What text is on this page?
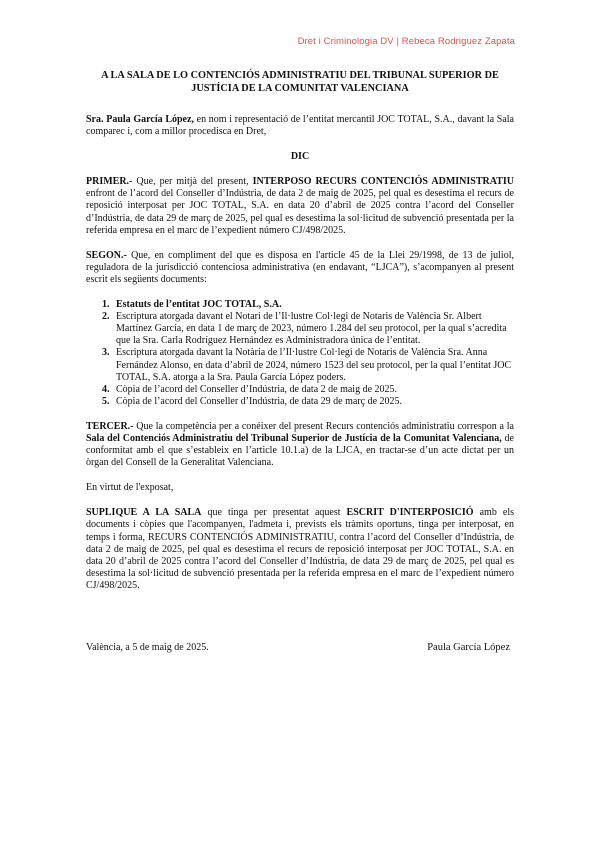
Dret i Criminologia DV | Rebeca Rodriguez Zapata
A LA SALA DE LO CONTENCIÓS ADMINISTRATIU DEL TRIBUNAL SUPERIOR DE JUSTÍCIA DE LA COMUNITAT VALENCIANA

Sra. Paula García López, en nom i representació de l’entitat mercantil JOC TOTAL, S.A., davant la Sala comparec i, com a millor procedisca en Dret,

DIC

PRIMER.- Que, per mitjà del present, INTERPOSO RECURS CONTENCIÓS ADMINISTRATIU enfront de l’acord del Conseller d’Indústria, de data 2 de maig de 2025, pel qual es desestima el recurs de reposició interposat per JOC TOTAL, S.A. en data 20 d’abril de 2025 contra l’acord del Conseller d’Indústria, de data 29 de març de 2025, pel qual es desestima la sol·licitud de subvenció presentada per la referida empresa en el marc de l’expedient número CJ/498/2025.

SEGON.- Que, en compliment del que es disposa en l'article 45 de la Llei 29/1998, de 13 de juliol, reguladora de la jurisdicció contenciosa administrativa (en endavant, “LJCA”), s’acompanyen al present escrit els següents documents:

1. Estatuts de l’entitat JOC TOTAL, S.A.
2. Escriptura atorgada davant el Notari de l’Il·lustre Col·legi de Notaris de València Sr. Albert Martínez García, en data 1 de març de 2023, número 1.284 del seu protocol, per la qual s’acredita que la Sra. Carla Rodríguez Hernández es Administradora única de l’entitat.
3. Escriptura atorgada davant la Notària de l’Il·lustre Col·legi de Notaris de València Sra. Anna Fernández Alonso, en data d’abril de 2024, número 1523 del seu protocol, per la qual l’entitat JOC TOTAL, S.A. atorga a la Sra. Paula García López poders.
4. Còpia de l’acord del Conseller d’Indústria, de data 2 de maig de 2025.
5. Còpia de l’acord del Conseller d’Indústria, de data 29 de març de 2025.

TERCER.- Que la competència per a conéixer del present Recurs contenciós administratiu correspon a la Sala del Contenciós Administratiu del Tribunal Superior de Justícia de la Comunitat Valenciana, de conformitat amb el que s’estableix en l’article 10.1.a) de la LJCA, en tractar-se d’un acte dictat per un òrgan del Consell de la Generalitat Valenciana.

En virtut de l'exposat,

SUPLIQUE A LA SALA que tinga per presentat aquest ESCRIT D'INTERPOSICIÓ amb els documents i còpies que l'acompanyen, l'admeta i, prevists els tràmits oportuns, tinga per interposat, en temps i forma, RECURS CONTENCIÓS ADMINISTRATIU, contra l’acord del Conseller d’Indústria, de data 2 de maig de 2025, pel qual es desestima el recurs de reposició interposat per JOC TOTAL, S.A. en data 20 d’abril de 2025 contra l’acord del Conseller d’Indústria, de data 29 de març de 2025, pel qual es desestima la sol·licitud de subvenció presentada per la referida empresa en el marc de l’expedient número CJ/498/2025.

València, a 5 de maig de 2025.	Paula García López
